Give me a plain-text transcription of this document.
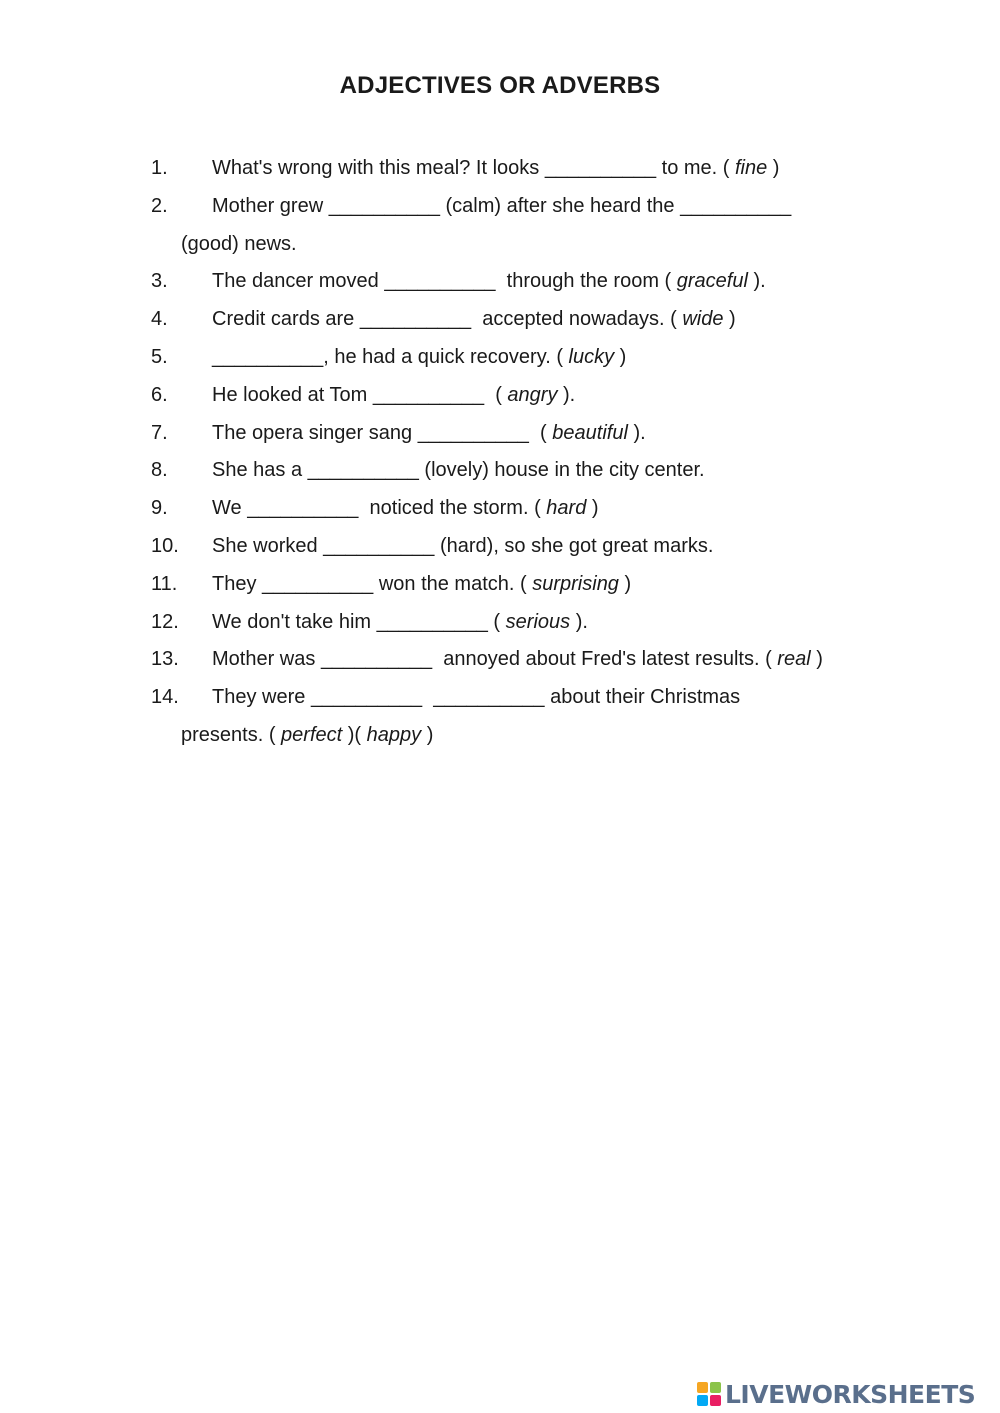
ADJECTIVES OR ADVERBS
1. What's wrong with this meal? It looks __________ to me. ( fine )
2. Mother grew __________ (calm) after she heard the __________
(good) news.
3. The dancer moved __________  through the room ( graceful ).
4. Credit cards are __________  accepted nowadays. ( wide )
5. __________, he had a quick recovery. ( lucky )
6. He looked at Tom __________  ( angry ).
7. The opera singer sang __________  ( beautiful ).
8. She has a __________ (lovely) house in the city center.
9. We __________  noticed the storm. ( hard )
10. She worked __________ (hard), so she got great marks.
11. They __________ won the match. ( surprising )
12. We don't take him __________ ( serious ).
13. Mother was __________  annoyed about Fred's latest results. ( real )
14. They were __________ __________ about their Christmas
presents. ( perfect )( happy )
LIVEWORKSHEETS
